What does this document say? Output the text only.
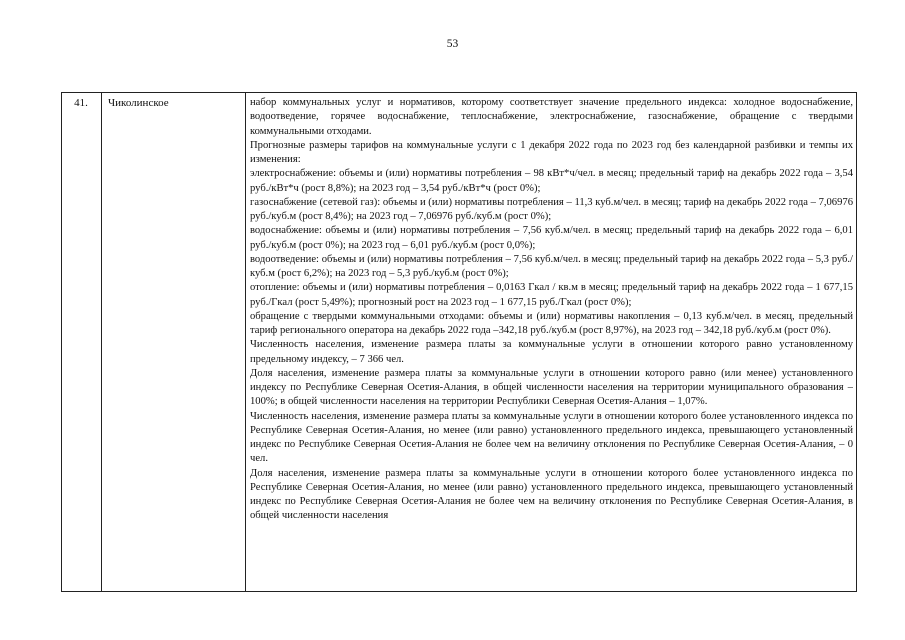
53
41.	Чиколинское	набор коммунальных услуг и нормативов, которому соответствует значение предельного индекса: холодное водоснабжение, водоотведение, горячее водоснабжение, теплоснабжение, электроснабжение, газоснабжение, обращение с твердыми коммунальными отходами.

Прогнозные размеры тарифов на коммунальные услуги с 1 декабря 2022 года по 2023 год без календарной разбивки и темпы их изменения:

электроснабжение: объемы и (или) нормативы потребления – 98 кВт*ч/чел. в месяц; предельный тариф на декабрь 2022 года – 3,54 руб./кВт*ч (рост 8,8%); на 2023 год – 3,54 руб./кВт*ч (рост 0%);

газоснабжение (сетевой газ): объемы и (или) нормативы потребления – 11,3 куб.м/чел. в месяц; тариф на декабрь 2022 года – 7,06976 руб./куб.м (рост 8,4%); на 2023 год – 7,06976 руб./куб.м (рост 0%);

водоснабжение: объемы и (или) нормативы потребления – 7,56 куб.м/чел. в месяц; предельный тариф на декабрь 2022 года – 6,01 руб./куб.м (рост 0%); на 2023 год – 6,01 руб./куб.м (рост 0,0%);

водоотведение: объемы и (или) нормативы потребления – 7,56 куб.м/чел. в месяц; предельный тариф на декабрь 2022 года – 5,3 руб./куб.м (рост 6,2%); на 2023 год – 5,3 руб./куб.м (рост 0%);

отопление: объемы и (или) нормативы потребления – 0,0163 Гкал / кв.м в месяц; предельный тариф на декабрь 2022 года – 1 677,15 руб./Гкал (рост 5,49%); прогнозный рост на 2023 год – 1 677,15 руб./Гкал (рост 0%);

обращение с твердыми коммунальными отходами: объемы и (или) нормативы накопления – 0,13 куб.м/чел. в месяц, предельный тариф регионального оператора на декабрь 2022 года –342,18 руб./куб.м (рост 8,97%), на 2023 год – 342,18 руб./куб.м (рост 0%).

Численность населения, изменение размера платы за коммунальные услуги в отношении которого равно установленному предельному индексу, – 7 366 чел.

Доля населения, изменение размера платы за коммунальные услуги в отношении которого равно (или менее) установленного индексу по Республике Северная Осетия-Алания, в общей численности населения на территории муниципального образования – 100%; в общей численности населения на территории Республики Северная Осетия-Алания – 1,07%.

Численность населения, изменение размера платы за коммунальные услуги в отношении которого более установленного индекса по Республике Северная Осетия-Алания, но менее (или равно) установленного предельного индекса, превышающего установленный индекс по Республике Северная Осетия-Алания не более чем на величину отклонения по Республике Северная Осетия-Алания, – 0 чел.

Доля населения, изменение размера платы за коммунальные услуги в отношении которого более установленного индекса по Республике Северная Осетия-Алания, но менее (или равно) установленного предельного индекса, превышающего установленный индекс по Республике Северная Осетия-Алания не более чем на величину отклонения по Республике Северная Осетия-Алания, в общей численности населения
